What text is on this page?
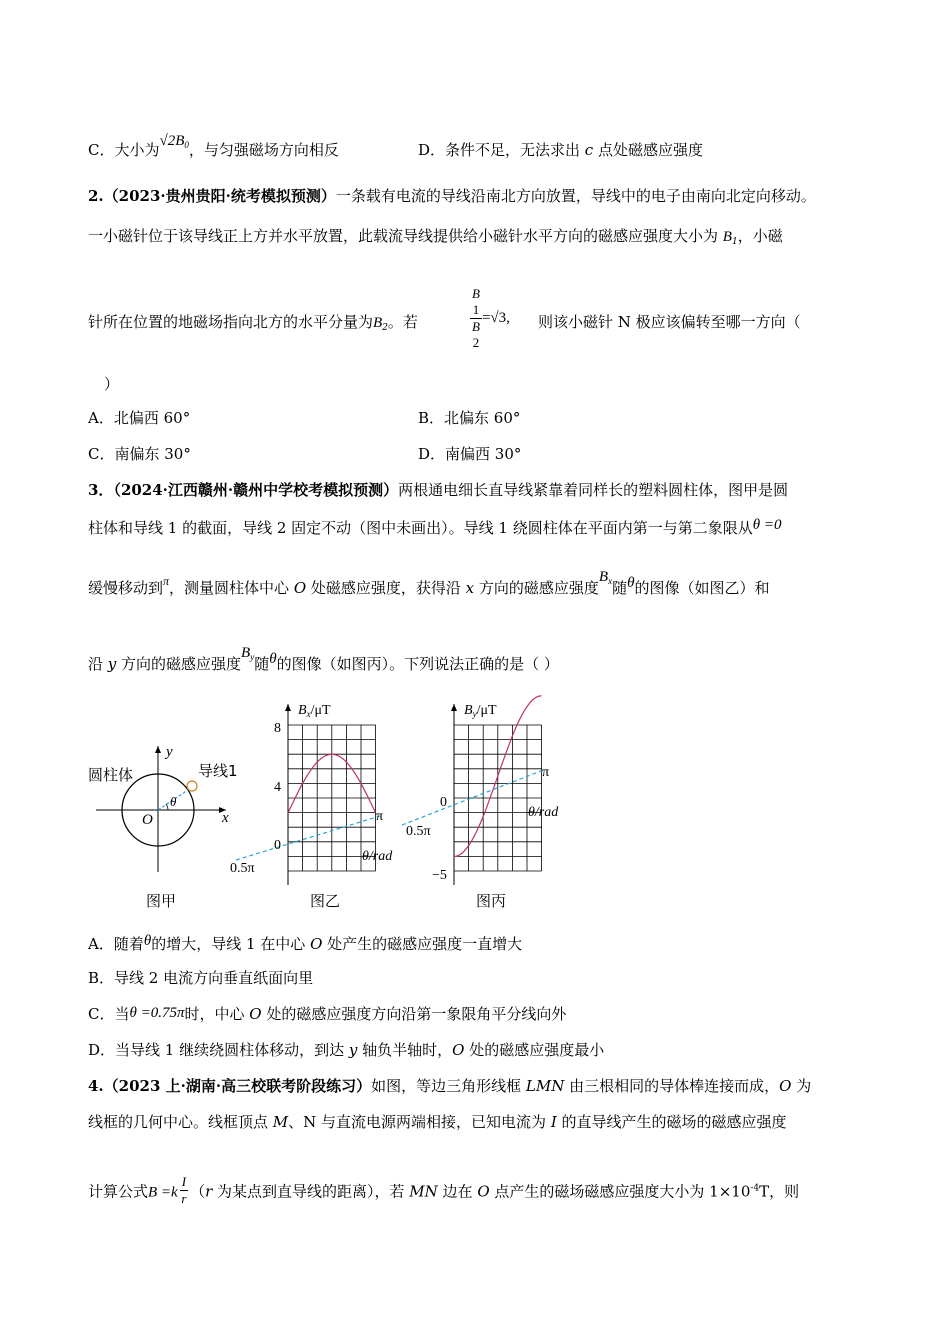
C．大小为$√2B_0$，与匀强磁场方向相反	D．条件不足，无法求出 c 点处磁感应强度
2.（2023·贵州贵阳·统考模拟预测）一条载有电流的导线沿南北方向放置，导线中的电子由南向北定向移动。
一小磁针位于该导线正上方并水平放置，此载流导线提供给小磁针水平方向的磁感应强度大小为 $B_1$，小磁
针所在位置的地磁场指向北方的水平分量为$B_2$。若	B
1
B
2 =√3, 则该小磁针 N 极应该偏转至哪一方向（
）
A．北偏西 60°	B．北偏东 60°
C．南偏东 30°	D．南偏西 30°
3．（2024·江西赣州·赣州中学校考模拟预测）两根通电细长直导线紧靠着同样长的塑料圆柱体，图甲是圆
柱体和导线 1 的截面，导线 2 固定不动（图中未画出）。导线 1 绕圆柱体在平面内第一与第二象限从θ =0
缓慢移动到$^\pi$，测量圆柱体中心 O 处磁感应强度，获得沿 x 方向的磁感应强度$B_x$随θ的图像（如图乙）和
沿 y 方向的磁感应强度$B_y$随θ的图像（如图丙）。下列说法正确的是（ ）
圆柱体	导线1
x
y
O
θ
图甲
$B_x/\mu T$
8
4
0
θ/rad
π
0.5π
图乙
$B_y/\mu T$
0
−5
θ/rad
π
0.5π
图丙
A．随着θ的增大，导线 1 在中心 O 处产生的磁感应强度一直增大
B．导线 2 电流方向垂直纸面向里
C．当θ =0.75π时，中心 O 处的磁感应强度方向沿第一象限角平分线向外
D．当导线 1 继续绕圆柱体移动，到达 y 轴负半轴时，O 处的磁感应强度最小
4.（2023 上·湖南·高三校联考阶段练习）如图，等边三角形线框 LMN 由三根相同的导体棒连接而成，O 为
线框的几何中心。线框顶点 M、N 与直流电源两端相接，已知电流为 I 的直导线产生的磁场的磁感应强度
计算公式$B =k \frac{I}{r} (r$ 为某点到直导线的距离），若 MN 边在 O 点产生的磁场磁感应强度大小为 $1\times 10^{-4}T$，则
